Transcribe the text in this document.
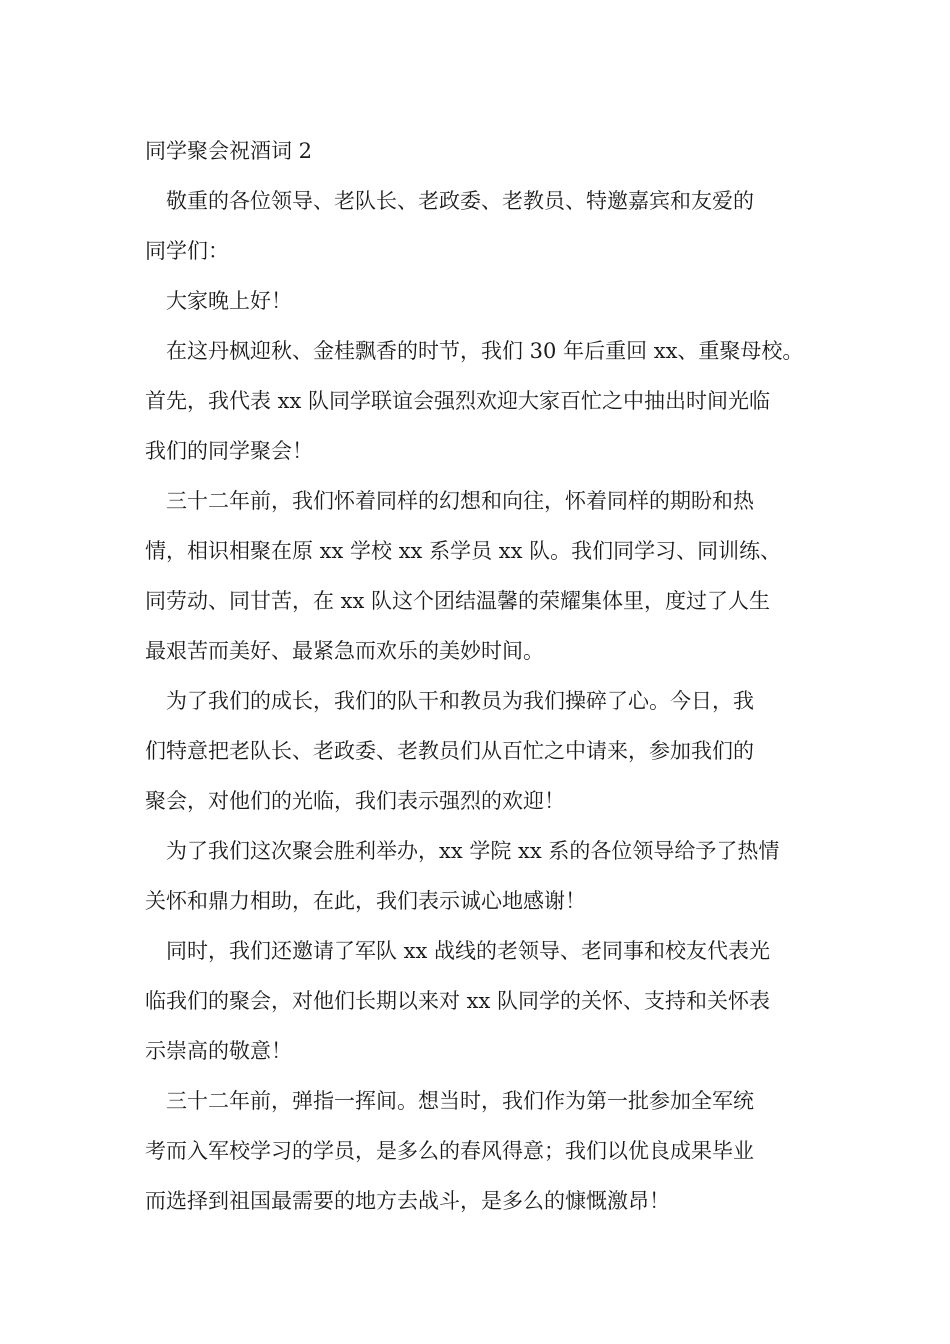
同学聚会祝酒词 2
敬重的各位领导、老队长、老政委、老教员、特邀嘉宾和友爱的
同学们：
大家晚上好！
在这丹枫迎秋、金桂飘香的时节，我们 30 年后重回 xx、重聚母校。
首先，我代表 xx 队同学联谊会强烈欢迎大家百忙之中抽出时间光临
我们的同学聚会！
三十二年前，我们怀着同样的幻想和向往，怀着同样的期盼和热
情，相识相聚在原 xx 学校 xx 系学员 xx 队。我们同学习、同训练、
同劳动、同甘苦，在 xx 队这个团结温馨的荣耀集体里，度过了人生
最艰苦而美好、最紧急而欢乐的美妙时间。
为了我们的成长，我们的队干和教员为我们操碎了心。今日，我
们特意把老队长、老政委、老教员们从百忙之中请来，参加我们的
聚会，对他们的光临，我们表示强烈的欢迎！
为了我们这次聚会胜利举办，xx 学院 xx 系的各位领导给予了热情
关怀和鼎力相助，在此，我们表示诚心地感谢！
同时，我们还邀请了军队 xx 战线的老领导、老同事和校友代表光
临我们的聚会，对他们长期以来对 xx 队同学的关怀、支持和关怀表
示崇高的敬意！
三十二年前，弹指一挥间。想当时，我们作为第一批参加全军统
考而入军校学习的学员，是多么的春风得意；我们以优良成果毕业
而选择到祖国最需要的地方去战斗，是多么的慷慨激昂！
